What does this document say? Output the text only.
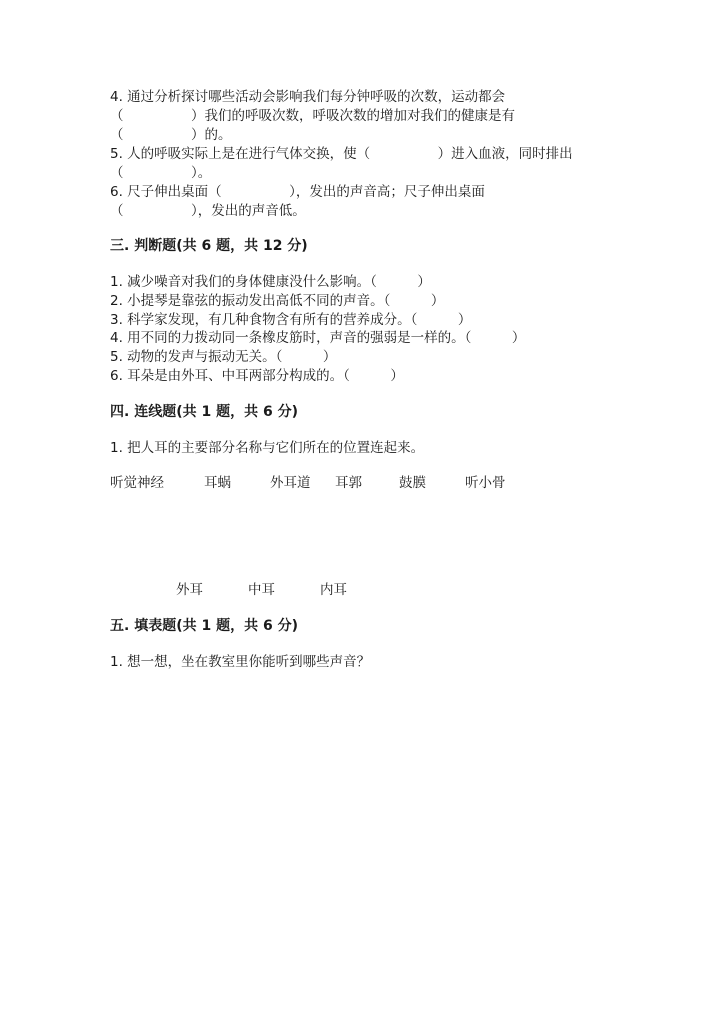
4. 通过分析探讨哪些活动会影响我们每分钟呼吸的次数，运动都会
（　　　　　）我们的呼吸次数，呼吸次数的增加对我们的健康是有
（　　　　　）的。
5. 人的呼吸实际上是在进行气体交换，使（　　　　　）进入血液，同时排出
（　　　　　）。
6. 尺子伸出桌面（　　　　　），发出的声音高；尺子伸出桌面
（　　　　　），发出的声音低。
三. 判断题(共 6 题，共 12 分)
1. 减少噪音对我们的身体健康没什么影响。（　　　）
2. 小提琴是靠弦的振动发出高低不同的声音。（　　　）
3. 科学家发现，有几种食物含有所有的营养成分。（　　　）
4. 用不同的力拨动同一条橡皮筋时，声音的强弱是一样的。（　　　）
5. 动物的发声与振动无关。（　　　）
6. 耳朵是由外耳、中耳两部分构成的。（　　　）
四. 连线题(共 1 题，共 6 分)
1. 把人耳的主要部分名称与它们所在的位置连起来。
听觉神经	耳蜗	外耳道 耳郭	鼓膜	听小骨
外耳	中耳	内耳
五. 填表题(共 1 题，共 6 分)
1. 想一想，坐在教室里你能听到哪些声音？
